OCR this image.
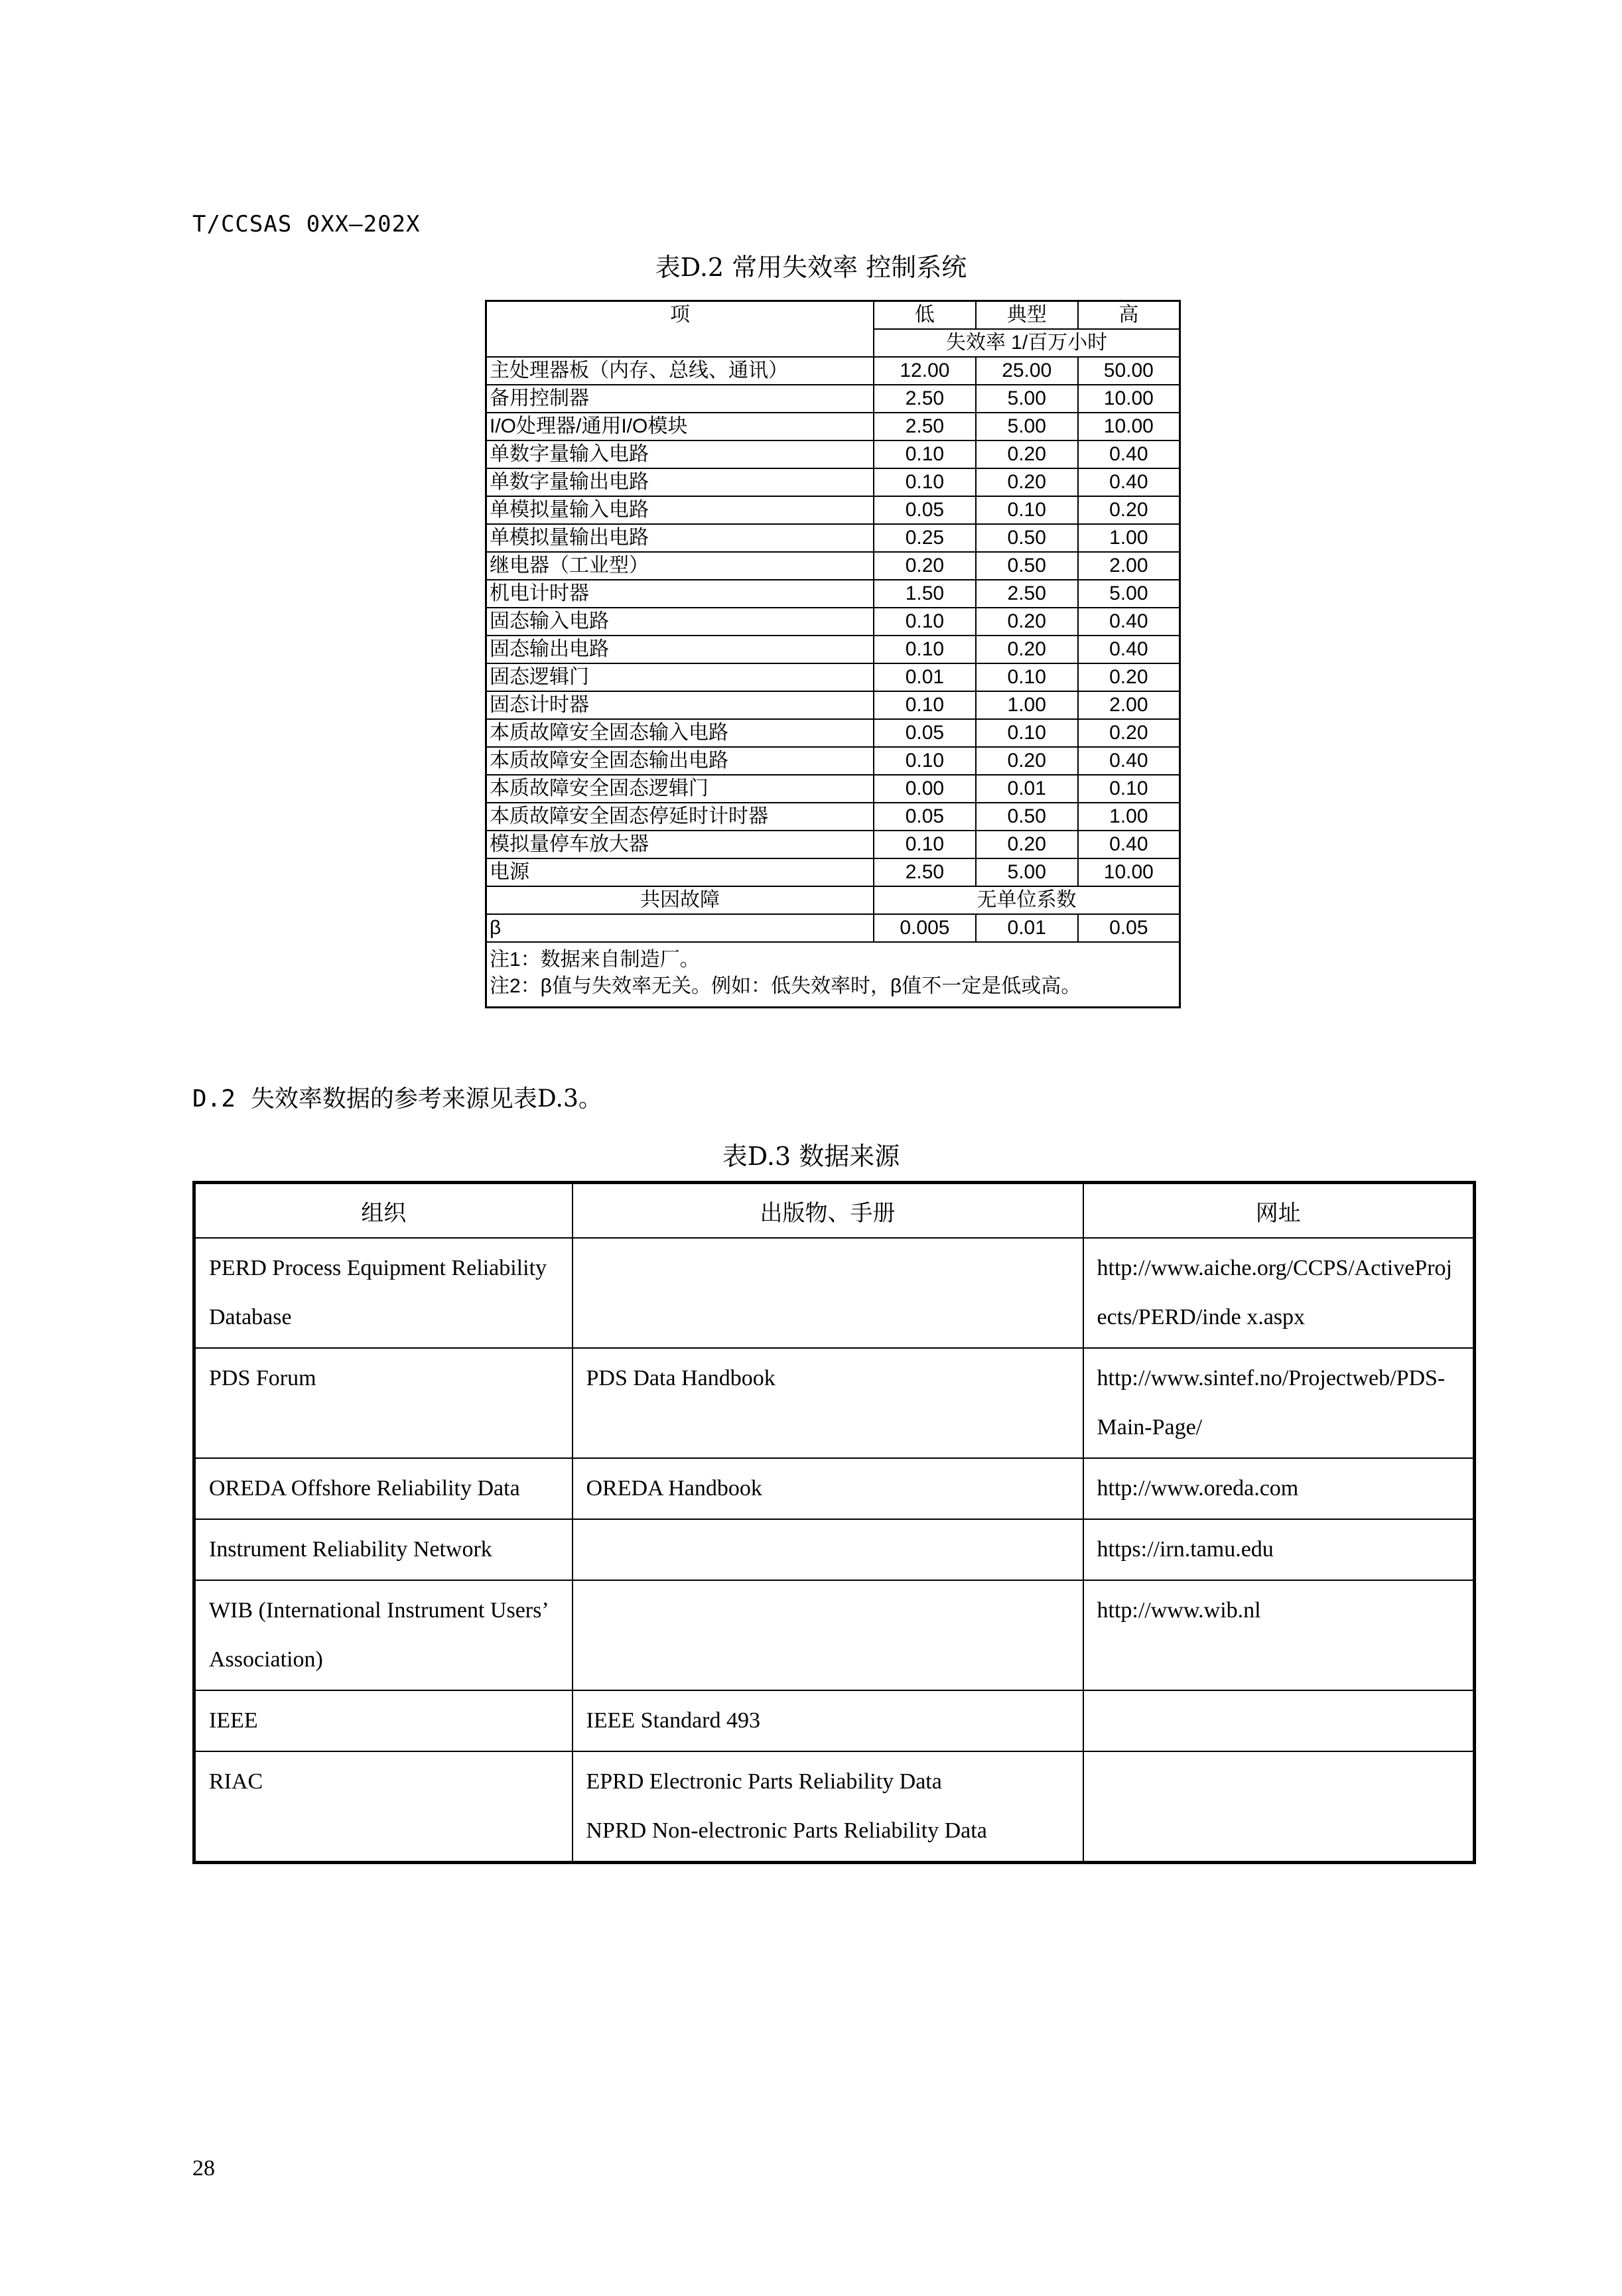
T/CCSAS 0XX—202X
表D.2 常用失效率 控制系统
项	低	典型	高
	失效率 1/百万小时		
主处理器板（内存、总线、通讯）	12.00	25.00	50.00
备用控制器	2.50	5.00	10.00
I/O处理器/通用I/O模块	2.50	5.00	10.00
单数字量输入电路	0.10	0.20	0.40
单数字量输出电路	0.10	0.20	0.40
单模拟量输入电路	0.05	0.10	0.20
单模拟量输出电路	0.25	0.50	1.00
继电器（工业型）	0.20	0.50	2.00
机电计时器	1.50	2.50	5.00
固态输入电路	0.10	0.20	0.40
固态输出电路	0.10	0.20	0.40
固态逻辑门	0.01	0.10	0.20
固态计时器	0.10	1.00	2.00
本质故障安全固态输入电路	0.05	0.10	0.20
本质故障安全固态输出电路	0.10	0.20	0.40
本质故障安全固态逻辑门	0.00	0.01	0.10
本质故障安全固态停延时计时器	0.05	0.50	1.00
模拟量停车放大器	0.10	0.20	0.40
电源	2.50	5.00	10.00
共因故障	无单位系数		
β	0.005	0.01	0.05

注1：数据来自制造厂。
注2：β值与失效率无关。例如：低失效率时，β值不一定是低或高。			
D.2 失效率数据的参考来源见表D.3。
表D.3 数据来源
组织	出版物、手册	网址
PERD Process Equipment Reliability Database		http://www.aiche.org/CCPS/ActiveProjects/PERD/inde x.aspx
PDS Forum	PDS Data Handbook	http://www.sintef.no/Projectweb/PDS-Main-Page/
OREDA Offshore Reliability Data	OREDA Handbook	http://www.oreda.com
Instrument Reliability Network		https://irn.tamu.edu
WIB (International Instrument Users’ Association)		http://www.wib.nl
IEEE	IEEE Standard 493	
RIAC	EPRD Electronic Parts Reliability Data
NPRD Non-electronic Parts Reliability Data	

28
